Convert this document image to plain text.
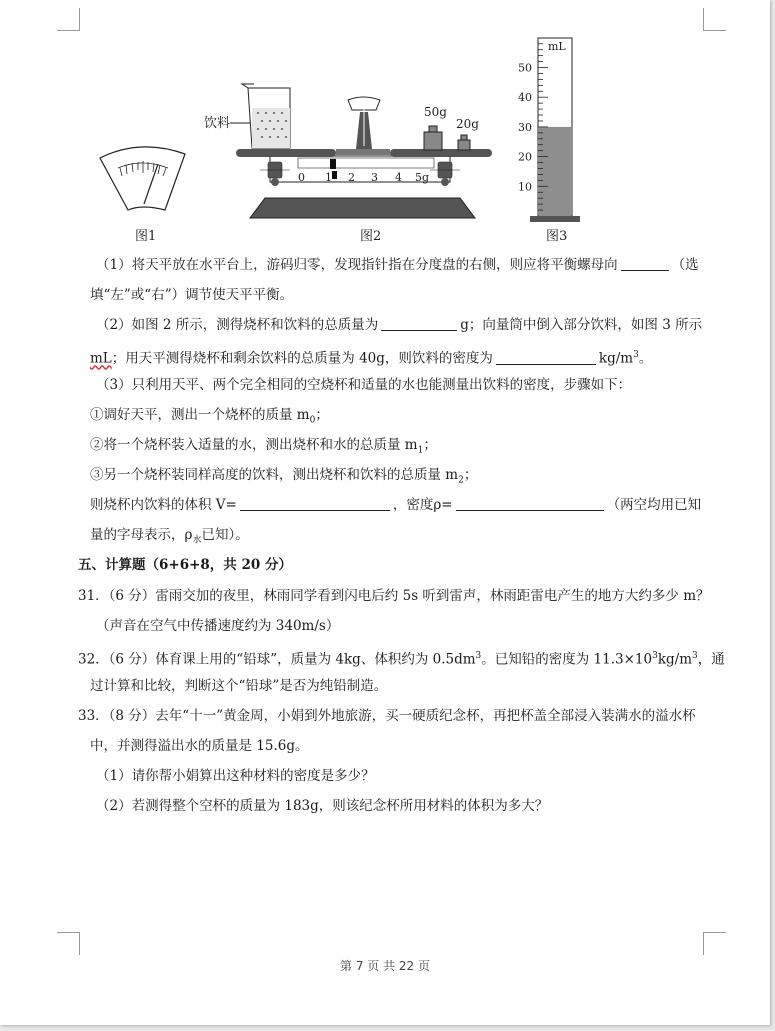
图1
饮料
50g
20g
0 1 2 3 4 5g
图2
mL
50
40
30
20
10
图3
（1）将天平放在水平台上，游码归零，发现指针指在分度盘的右侧，则应将平衡螺母向	（选
填“左”或“右”）调节使天平平衡。
（2）如图 2 所示，测得烧杯和饮料的总质量为	g；向量筒中倒入部分饮料，如图 3 所示
mL；用天平测得烧杯和剩余饮料的总质量为 40g，则饮料的密度为	$kg/m^3$。
（3）只利用天平、两个完全相同的空烧杯和适量的水也能测量出饮料的密度，步骤如下：
①调好天平，测出一个烧杯的质量 $m_0$；
②将一个烧杯装入适量的水，测出烧杯和水的总质量 $m_1$；
③另一个烧杯装同样高度的饮料，测出烧杯和饮料的总质量 $m_2$；
则烧杯内饮料的体积 V=	，密度ρ=	（两空均用已知
量的字母表示，$\rho_水$已知）。
五、计算题（6+6+8，共 20 分）
31．（6 分）雷雨交加的夜里，林雨同学看到闪电后约 5s 听到雷声，林雨距雷电产生的地方大约多少 m？
（声音在空气中传播速度约为 340m/s）
32．（6 分）体育课上用的“铅球”，质量为 4kg、体积约为 $0.5dm^3$。已知铅的密度为 $11.3\times 10^3kg/m^3$，通
过计算和比较，判断这个“铅球”是否为纯铅制造。
33．（8 分）去年“十一”黄金周，小娟到外地旅游，买一硬质纪念杯，再把杯盖全部浸入装满水的溢水杯
中，并测得溢出水的质量是 15.6g。
（1）请你帮小娟算出这种材料的密度是多少？
（2）若测得整个空杯的质量为 183g，则该纪念杯所用材料的体积为多大？
第 7 页 共 22 页
